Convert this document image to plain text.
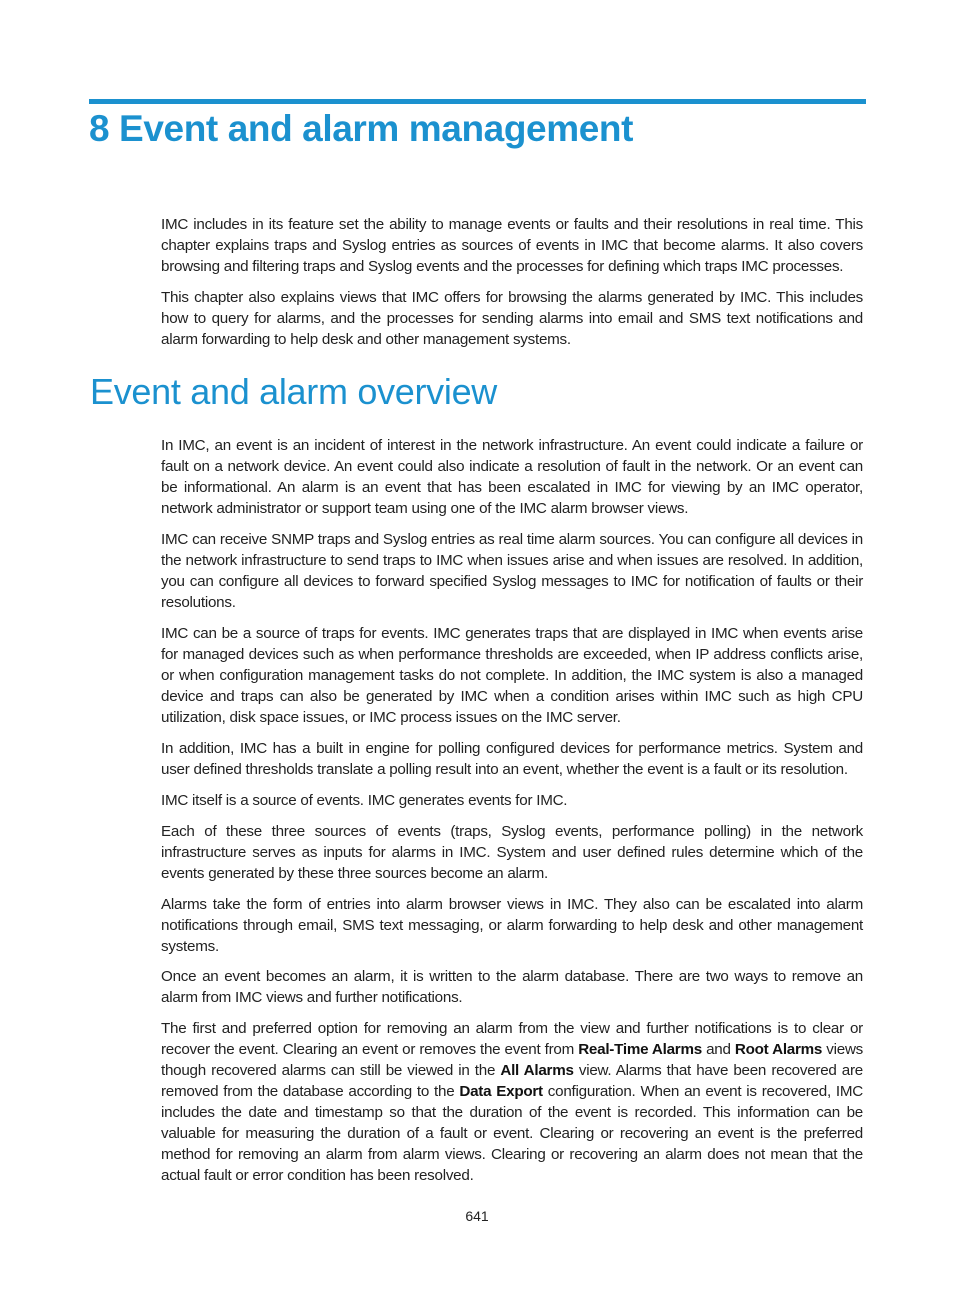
8 Event and alarm management

IMC includes in its feature set the ability to manage events or faults and their resolutions in real time. This chapter explains traps and Syslog entries as sources of events in IMC that become alarms. It also covers browsing and filtering traps and Syslog events and the processes for defining which traps IMC processes.

This chapter also explains views that IMC offers for browsing the alarms generated by IMC. This includes how to query for alarms, and the processes for sending alarms into email and SMS text notifications and alarm forwarding to help desk and other management systems.

Event and alarm overview

In IMC, an event is an incident of interest in the network infrastructure. An event could indicate a failure or fault on a network device. An event could also indicate a resolution of fault in the network. Or an event can be informational. An alarm is an event that has been escalated in IMC for viewing by an IMC operator, network administrator or support team using one of the IMC alarm browser views.

IMC can receive SNMP traps and Syslog entries as real time alarm sources. You can configure all devices in the network infrastructure to send traps to IMC when issues arise and when issues are resolved. In addition, you can configure all devices to forward specified Syslog messages to IMC for notification of faults or their resolutions.

IMC can be a source of traps for events. IMC generates traps that are displayed in IMC when events arise for managed devices such as when performance thresholds are exceeded, when IP address conflicts arise, or when configuration management tasks do not complete. In addition, the IMC system is also a managed device and traps can also be generated by IMC when a condition arises within IMC such as high CPU utilization, disk space issues, or IMC process issues on the IMC server.

In addition, IMC has a built in engine for polling configured devices for performance metrics. System and user defined thresholds translate a polling result into an event, whether the event is a fault or its resolution.

IMC itself is a source of events. IMC generates events for IMC.

Each of these three sources of events (traps, Syslog events, performance polling) in the network infrastructure serves as inputs for alarms in IMC. System and user defined rules determine which of the events generated by these three sources become an alarm.

Alarms take the form of entries into alarm browser views in IMC. They also can be escalated into alarm notifications through email, SMS text messaging, or alarm forwarding to help desk and other management systems.

Once an event becomes an alarm, it is written to the alarm database. There are two ways to remove an alarm from IMC views and further notifications.

The first and preferred option for removing an alarm from the view and further notifications is to clear or recover the event. Clearing an event or removes the event from Real-Time Alarms and Root Alarms views though recovered alarms can still be viewed in the All Alarms view. Alarms that have been recovered are removed from the database according to the Data Export configuration. When an event is recovered, IMC includes the date and timestamp so that the duration of the event is recorded. This information can be valuable for measuring the duration of a fault or event. Clearing or recovering an event is the preferred method for removing an alarm from alarm views. Clearing or recovering an alarm does not mean that the actual fault or error condition has been resolved.

641
